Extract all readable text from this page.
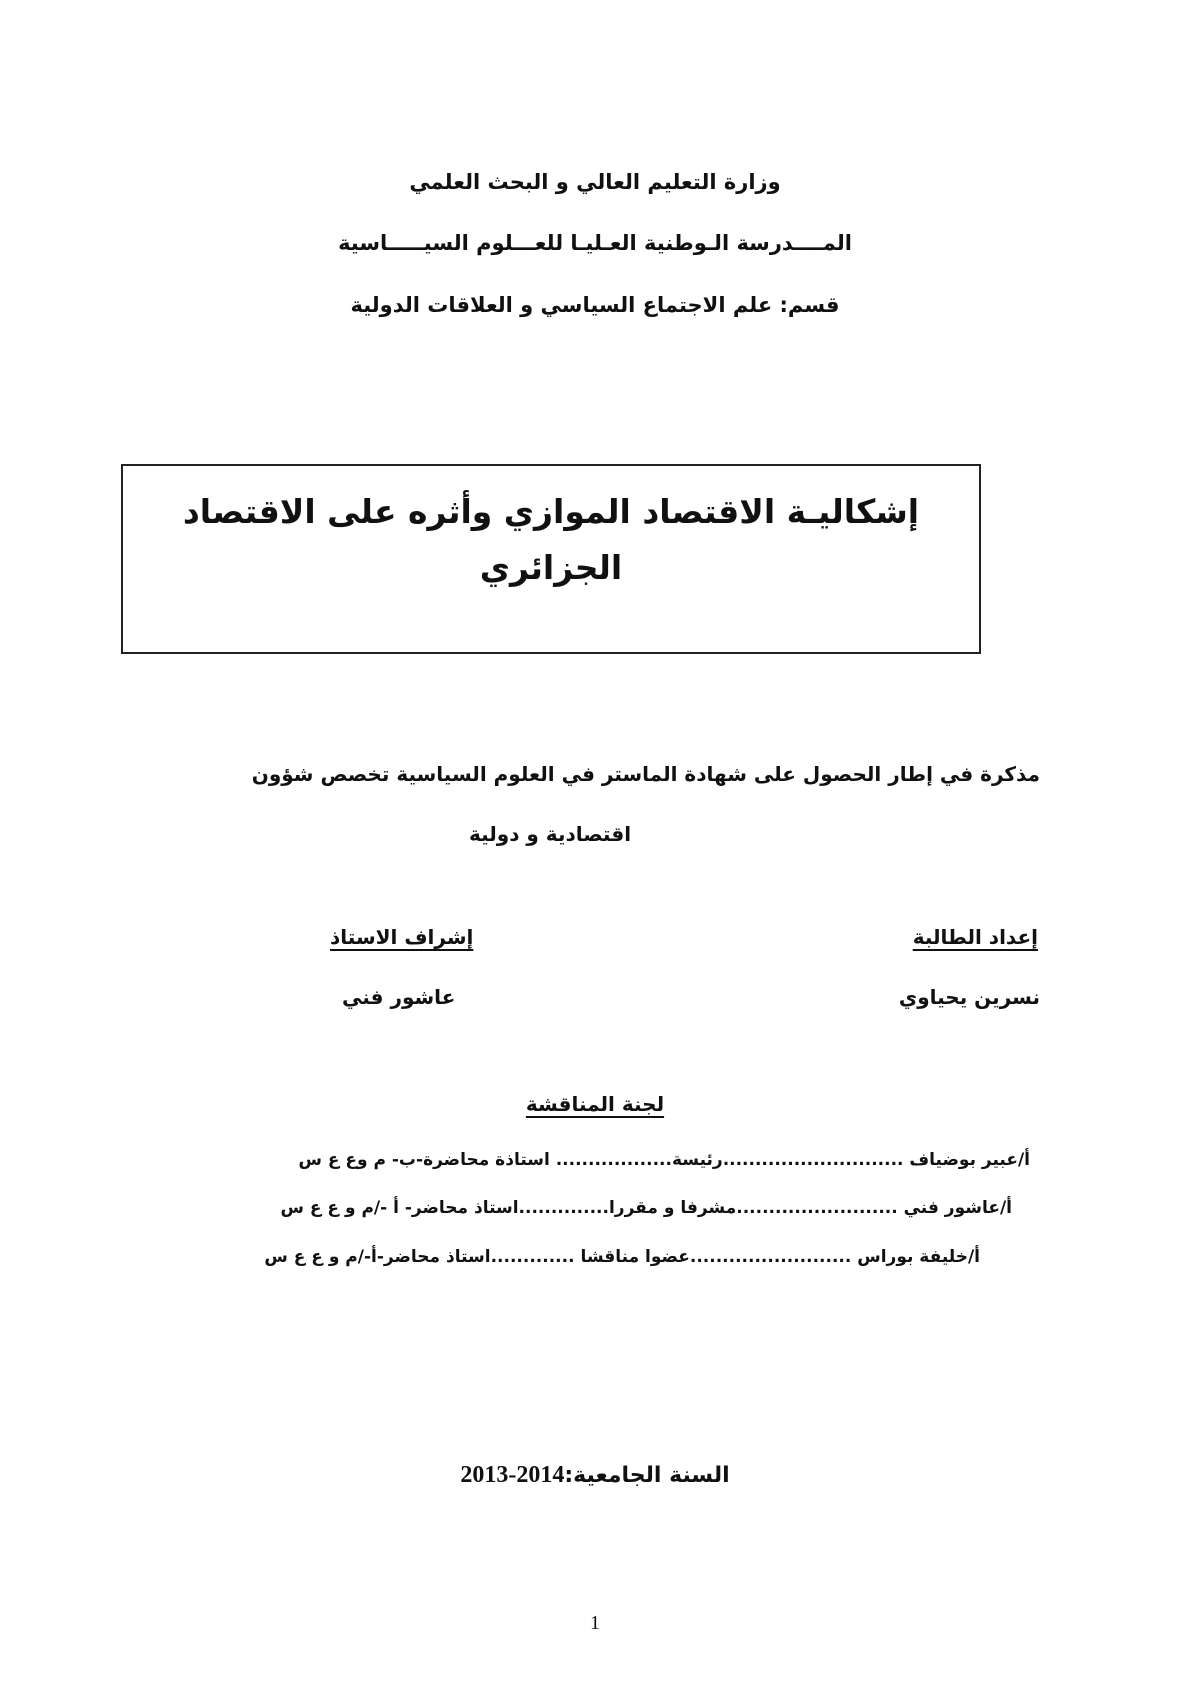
وزارة التعليم العالي و البحث العلمي
المــــدرسة الـوطنية العـليـا للعـــلوم السيـــــاسية
قسم: علم الاجتماع السياسي و العلاقات الدولية
إشكاليـة الاقتصاد الموازي وأثره على الاقتصاد
الجزائري
مذكرة في إطار الحصول على شهادة الماستر في العلوم السياسية تخصص شؤون
اقتصادية و دولية
إعداد الطالبة
نسرين يحياوي
إشراف الاستاذ
عاشور فني
لجنة المناقشة
أ/عبير بوضياف ............................رئيسة.................. استاذة محاضرة-ب- م وع ع س
أ/عاشور فني .........................مشرفا و مقررا..............استاذ محاضر- أ -/م و ع ع س
أ/خليفة بوراس .........................عضوا مناقشا .............استاذ محاضر-أ-/م و ع ع س
السنة الجامعية:2013-2014
1
